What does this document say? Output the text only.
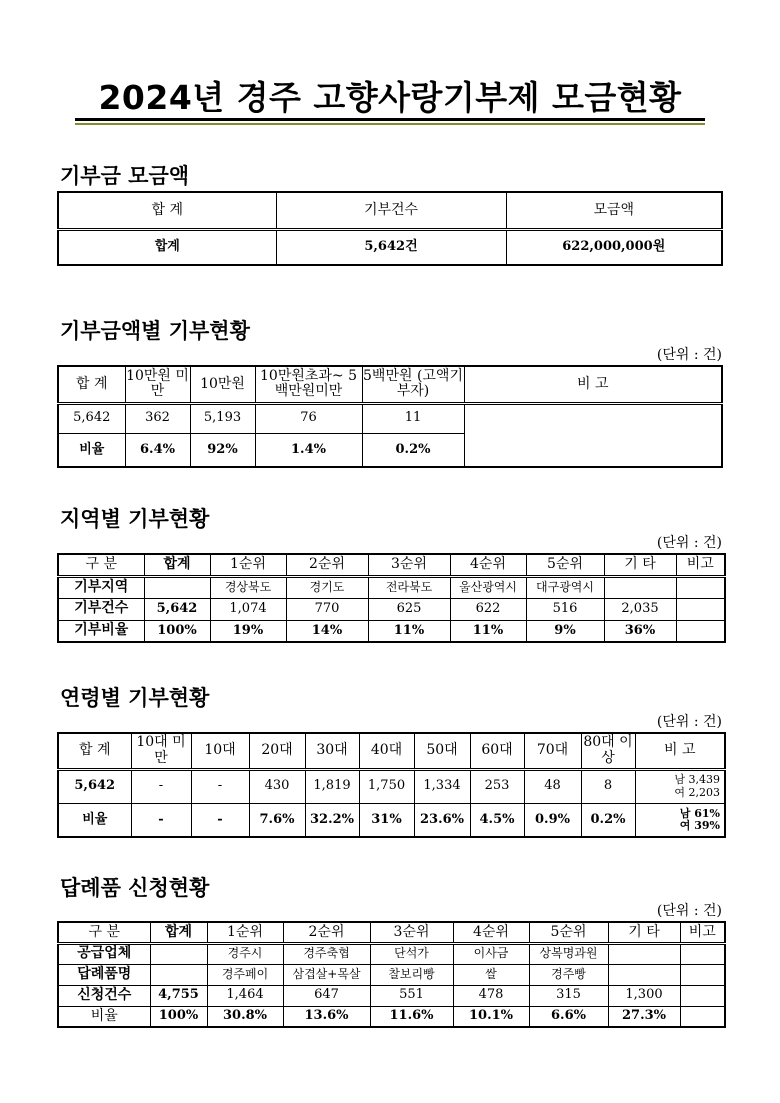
2024년 경주 고향사랑기부제 모금현황
기부금 모금액
합 계	기부건수	모금액
합계	5,642건	622,000,000원
기부금액별 기부현황
(단위 : 건)
합 계	10만원 미만	10만원	10만원초과~ 5백만원미만	5백만원 (고액기부자)	비 고
5,642	362	5,193	76	11	
비율	6.4%	92%	1.4%	0.2%	
지역별 기부현황
(단위 : 건)
구 분	합계	1순위	2순위	3순위	4순위	5순위	기 타	비고
기부지역		경상북도	경기도	전라북도	울산광역시	대구광역시		
기부건수	5,642	1,074	770	625	622	516	2,035	
기부비율	100%	19%	14%	11%	11%	9%	36%	
연령별 기부현황
(단위 : 건)
합 계	10대 미만	10대	20대	30대	40대	50대	60대	70대	80대 이상	비 고
5,642	-	-	430	1,819	1,750	1,334	253	48	8	남 3,439
여 2,203

비율	-	-	7.6%	32.2%	31%	23.6%	4.5%	0.9%	0.2%	남 61%
여 39%
답례품 신청현황
(단위 : 건)
구 분	합계	1순위	2순위	3순위	4순위	5순위	기 타	비고
공급업체		경주시	경주축협	단석가	이사금	상복명과원		
답례품명		경주페이	삼겹살+목살	찰보리빵	쌀	경주빵		
신청건수	4,755	1,464	647	551	478	315	1,300	
비율	100%	30.8%	13.6%	11.6%	10.1%	6.6%	27.3%	
